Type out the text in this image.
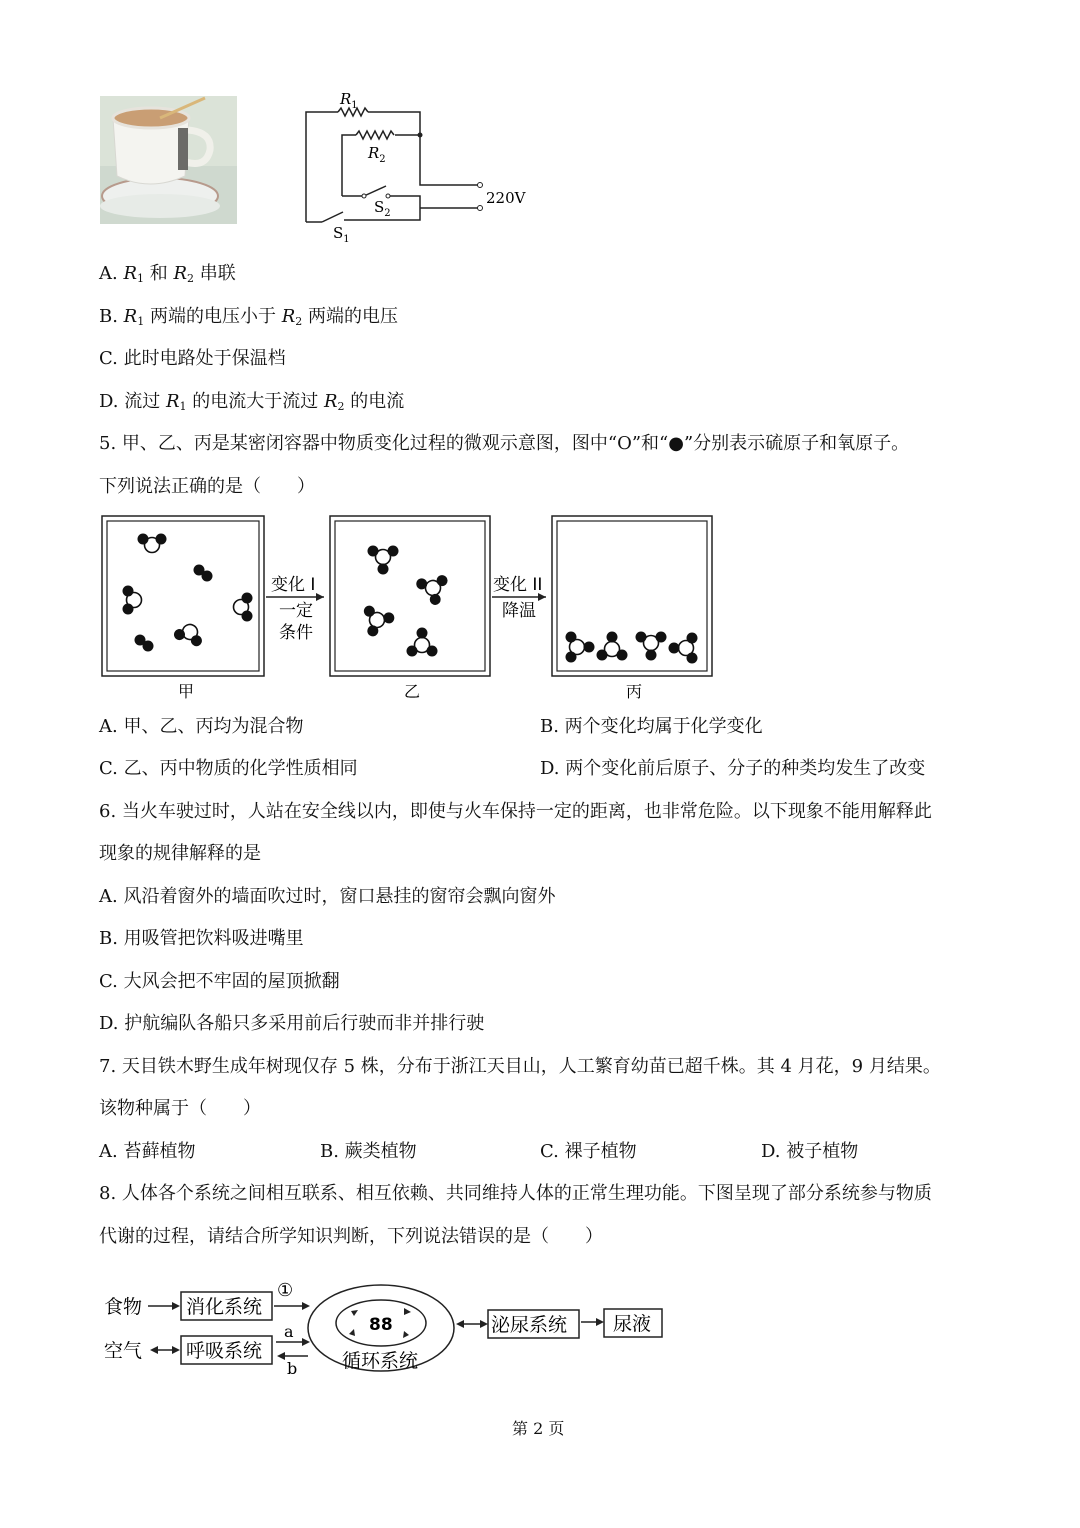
$R_1$
$R_2$
$S_2$
$S_1$
220V
A. $R_1$ 和 $R_2$ 串联
B. $R_1$ 两端的电压小于 $R_2$ 两端的电压
C. 此时电路处于保温档
D. 流过 $R_1$ 的电流大于流过 $R_2$ 的电流
5. 甲、乙、丙是某密闭容器中物质变化过程的微观示意图，图中“O”和“●”分别表示硫原子和氧原子。
下列说法正确的是（　　）
变化 I
一定
条件
变化 II
降温
甲	乙	丙
A. 甲、乙、丙均为混合物	B. 两个变化均属于化学变化
C. 乙、丙中物质的化学性质相同	D. 两个变化前后原子、分子的种类均发生了改变
6. 当火车驶过时，人站在安全线以内，即使与火车保持一定的距离，也非常危险。以下现象不能用解释此
现象的规律解释的是
A. 风沿着窗外的墙面吹过时，窗口悬挂的窗帘会飘向窗外
B. 用吸管把饮料吸进嘴里
C. 大风会把不牢固的屋顶掀翻
D. 护航编队各船只多采用前后行驶而非并排行驶
7. 天目铁木野生成年树现仅存 5 株，分布于浙江天目山，人工繁育幼苗已超千株。其 4 月花，9 月结果。
该物种属于（　　）
A. 苔藓植物	B. 蕨类植物	C. 裸子植物	D. 被子植物
8. 人体各个系统之间相互联系、相互依赖、共同维持人体的正常生理功能。下图呈现了部分系统参与物质
代谢的过程，请结合所学知识判断，下列说法错误的是（　　）
食物
空气
消化系统
呼吸系统
泌尿系统 尿液
循环系统
①
a
b
88
第 2 页
